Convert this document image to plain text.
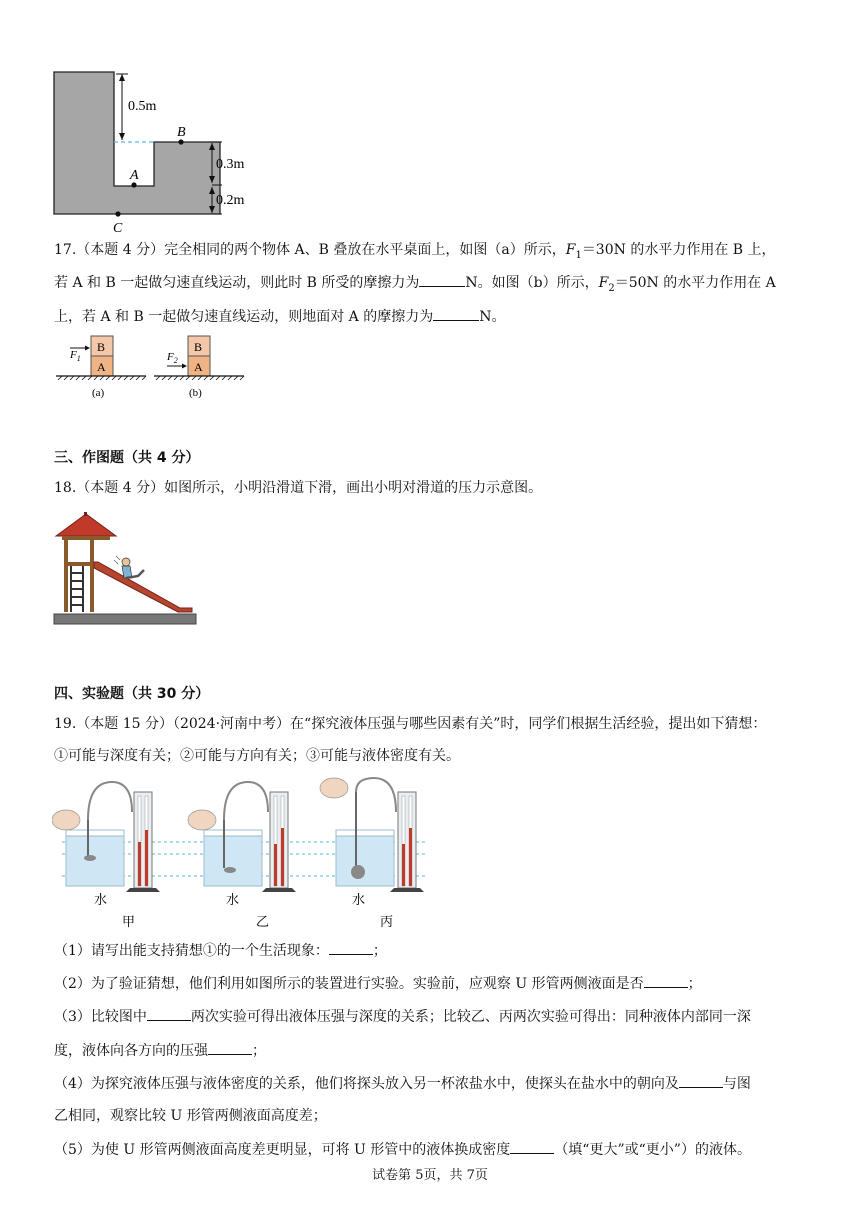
0.5m
0.3m
0.2m
A
B
C
17.（本题 4 分）完全相同的两个物体 A、B 叠放在水平桌面上，如图（a）所示，$F_1=30N$ 的水平力作用在 B 上，
若 A 和 B 一起做匀速直线运动，则此时 B 所受的摩擦力为	N。如图（b）所示，$F_2=50N$ 的水平力作用在 A
上，若 A 和 B 一起做匀速直线运动，则地面对 A 的摩擦力为	N。
B
A
$F_1$
(a)
B
A
$F_2$
(b)
三、作图题（共 4 分）
18.（本题 4 分）如图所示，小明沿滑道下滑，画出小明对滑道的压力示意图。
四、实验题（共 30 分）
19.（本题 15 分）（2024·河南中考）在“探究液体压强与哪些因素有关”时，同学们根据生活经验，提出如下猜想：
①可能与深度有关；②可能与方向有关；③可能与液体密度有关。
水
甲
水
乙
水
丙
（1）请写出能支持猜想①的一个生活现象：	；
（2）为了验证猜想，他们利用如图所示的装置进行实验。实验前，应观察 U 形管两侧液面是否	；
（3）比较图中	两次实验可得出液体压强与深度的关系；比较乙、丙两次实验可得出：同种液体内部同一深
度，液体向各方向的压强	；
（4）为探究液体压强与液体密度的关系，他们将探头放入另一杯浓盐水中，使探头在盐水中的朝向及	与图
乙相同，观察比较 U 形管两侧液面高度差；
（5）为使 U 形管两侧液面高度差更明显，可将 U 形管中的液体换成密度	（填“更大”或“更小”）的液体。
试卷第 5页，共 7页
